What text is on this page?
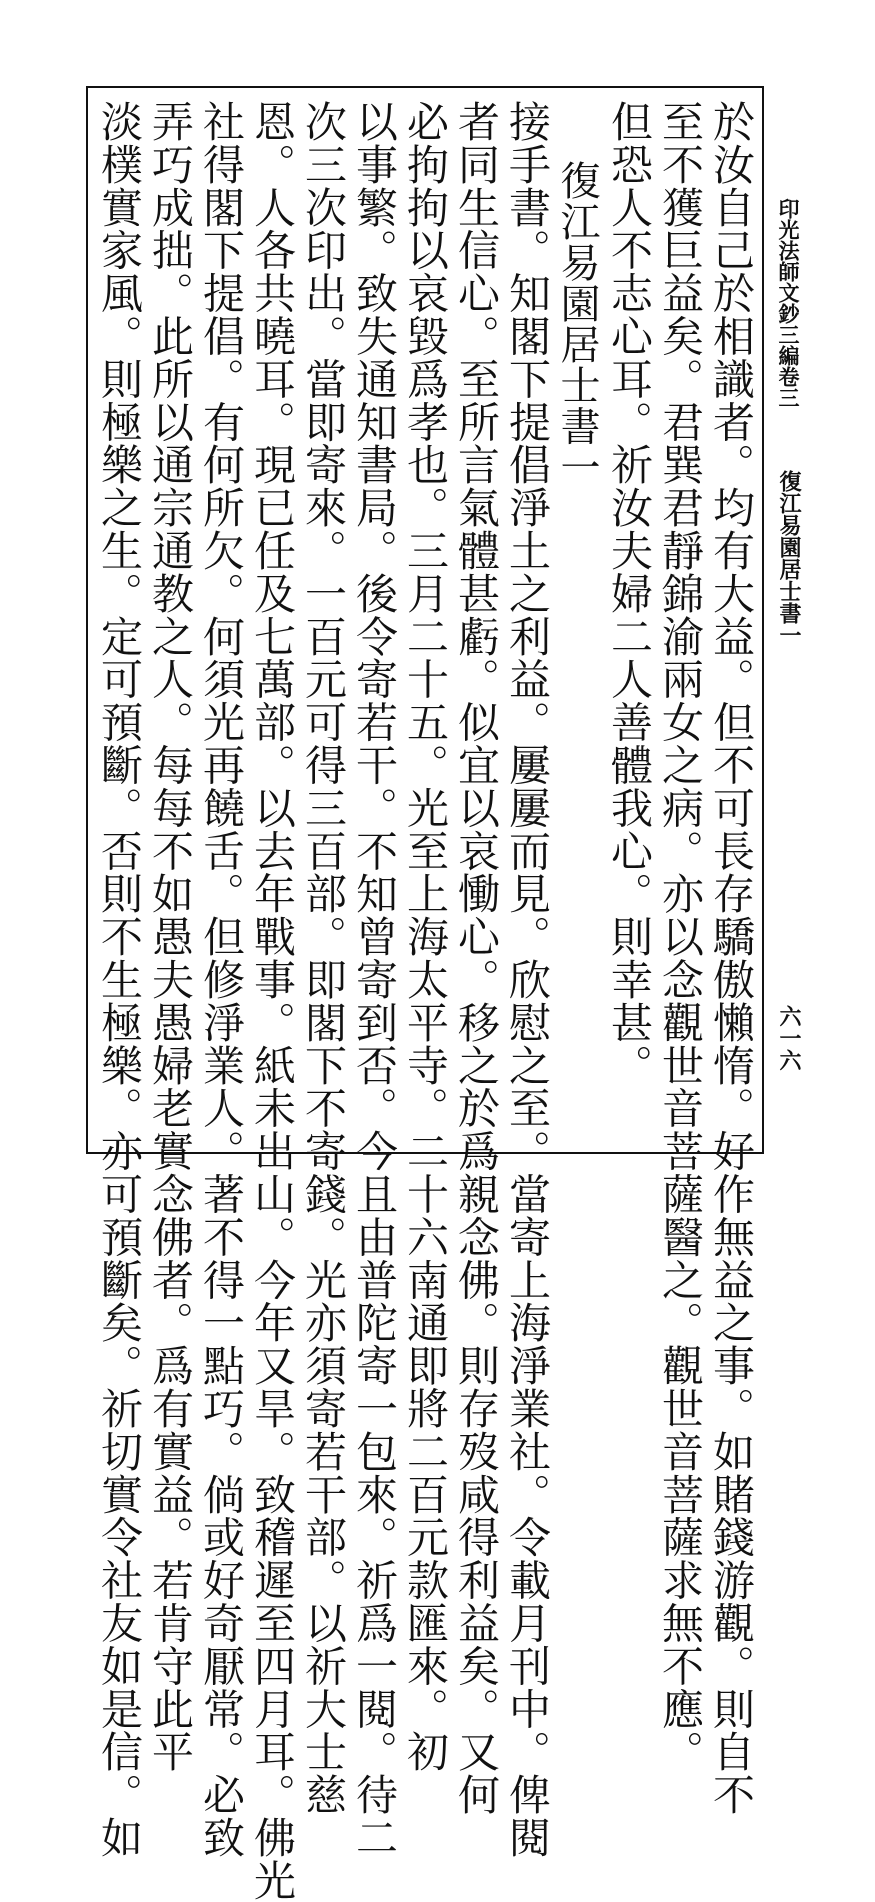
印光法師文鈔三編卷三
復江易園居士書一
六一六
於汝自己於相識者。均有大益。但不可長存驕傲懶惰。好作無益之事。如賭錢游觀。則自不
至不獲巨益矣。君巽君靜錦渝兩女之病。亦以念觀世音菩薩醫之。觀世音菩薩求無不應。
但恐人不志心耳。祈汝夫婦二人善體我心。則幸甚。
復江易園居士書一
接手書。知閣下提倡淨土之利益。屢屢而見。欣慰之至。當寄上海淨業社。令載月刊中。俾閱
者同生信心。至所言氣體甚虧。似宜以哀慟心。移之於爲親念佛。則存歿咸得利益矣。又何
必拘拘以哀毀爲孝也。三月二十五。光至上海太平寺。二十六南通即將二百元款匯來。初
以事繁。致失通知書局。後令寄若干。不知曾寄到否。今且由普陀寄一包來。祈爲一閱。待二
次三次印出。當即寄來。一百元可得三百部。即閣下不寄錢。光亦須寄若干部。以祈大士慈
恩。人各共曉耳。現已任及七萬部。以去年戰事。紙未出山。今年又旱。致稽遲至四月耳。佛光
社得閣下提倡。有何所欠。何須光再饒舌。但修淨業人。著不得一點巧。倘或好奇厭常。必致
弄巧成拙。此所以通宗通教之人。每每不如愚夫愚婦老實念佛者。爲有實益。若肯守此平
淡樸實家風。則極樂之生。定可預斷。否則不生極樂。亦可預斷矣。祈切實令社友如是信。如
